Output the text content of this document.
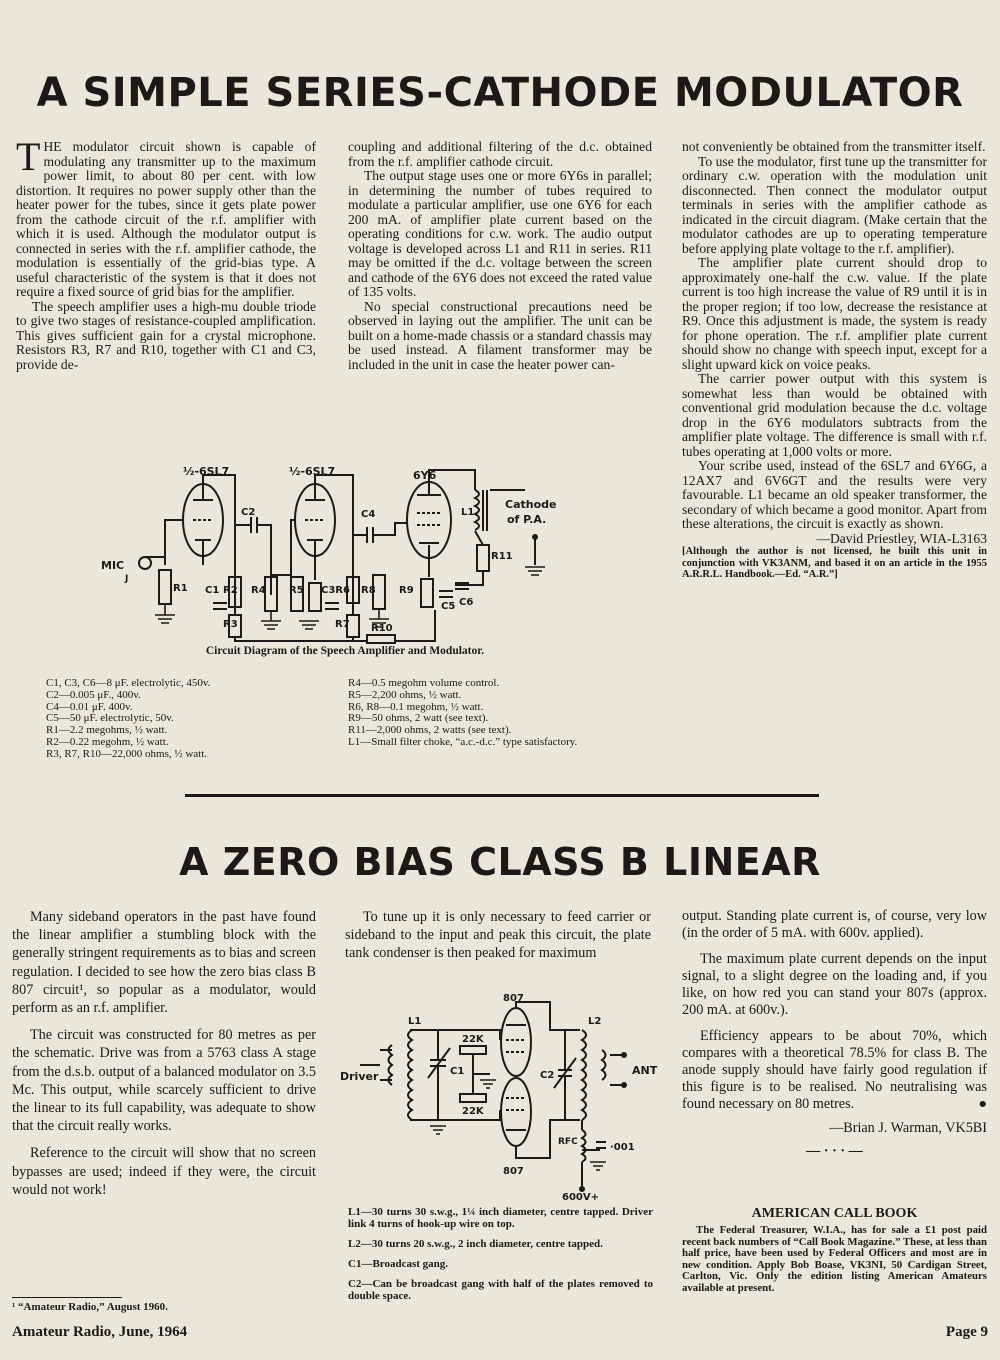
A SIMPLE SERIES-CATHODE MODULATOR

THE modulator circuit shown is capable of modulating any transmitter up to the maximum power limit, to about 80 per cent. with low distortion. It requires no power supply other than the heater power for the tubes, since it gets plate power from the cathode circuit of the r.f. amplifier with which it is used. Although the modulator output is connected in series with the r.f. amplifier cathode, the modulation is essentially of the grid-bias type. A useful characteristic of the system is that it does not require a fixed source of grid bias for the amplifier.

The speech amplifier uses a high-mu double triode to give two stages of resistance-coupled amplification. This gives sufficient gain for a crystal microphone. Resistors R3, R7 and R10, together with C1 and C3, provide de-

coupling and additional filtering of the d.c. obtained from the r.f. amplifier cathode circuit.

The output stage uses one or more 6Y6s in parallel; in determining the number of tubes required to modulate a particular amplifier, use one 6Y6 for each 200 mA. of amplifier plate current based on the operating conditions for c.w. work. The audio output voltage is developed across L1 and R11 in series. R11 may be omitted if the d.c. voltage between the screen and cathode of the 6Y6 does not exceed the rated value of 135 volts.

No special constructional precautions need be observed in laying out the amplifier. The unit can be built on a home-made chassis or a standard chassis may be used instead. A filament transformer may be included in the unit in case the heater power can-

not conveniently be obtained from the transmitter itself.

To use the modulator, first tune up the transmitter for ordinary c.w. operation with the modulation unit disconnected. Then connect the modulator output terminals in series with the amplifier cathode as indicated in the circuit diagram. (Make certain that the modulator cathodes are up to operating temperature before applying plate voltage to the r.f. amplifier).

The amplifier plate current should drop to approximately one-half the c.w. value. If the plate current is too high increase the value of R9 until it is in the proper region; if too low, decrease the resistance at R9. Once this adjustment is made, the system is ready for phone operation. The r.f. amplifier plate current should show no change with speech input, except for a slight upward kick on voice peaks.

The carrier power output with this system is somewhat less than would be obtained with conventional grid modulation because the d.c. voltage drop in the 6Y6 modulators subtracts from the amplifier plate voltage. The difference is small with r.f. tubes operating at 1,000 volts or more.

Your scribe used, instead of the 6SL7 and 6Y6G, a 12AX7 and 6V6GT and the results were very favourable. L1 became an old speaker transformer, the secondary of which became a good monitor. Apart from these alterations, the circuit is exactly as shown.

—David Priestley, WIA-L3163
[Although the author is not licensed, he built this unit in conjunction with VK3ANM, and based it on an article in the 1955 A.R.R.L. Handbook.—Ed. “A.R.”]
½-6SL7	½-6SL7	6Y6
Cathode
of P.A.
MIC
J
R1 C1
C2
R2
R3
R4 R5 C3R6
R7
C4
R8 R9
C5 C6
L1
R11
R10
Circuit Diagram of the Speech Amplifier and Modulator.
C1, C3, C6—8 μF. electrolytic, 450v.
C2—0.005 μF., 400v.
C4—0.01 μF. 400v.
C5—50 μF. electrolytic, 50v.
R1—2.2 megohms, ½ watt.
R2—0.22 megohm, ½ watt.
R3, R7, R10—22,000 ohms, ½ watt.
R4—0.5 megohm volume control.
R5—2,200 ohms, ½ watt.
R6, R8—0.1 megohm, ½ watt.
R9—50 ohms, 2 watt (see text).
R11—2,000 ohms, 2 watts (see text).
L1—Small filter choke, “a.c.-d.c.” type satisfactory.
A ZERO BIAS CLASS B LINEAR

Many sideband operators in the past have found the linear amplifier a stumbling block with the generally stringent requirements as to bias and screen regulation. I decided to see how the zero bias class B 807 circuit¹, so popular as a modulator, would perform as an r.f. amplifier.

The circuit was constructed for 80 metres as per the schematic. Drive was from a 5763 class A stage from the d.s.b. output of a balanced modulator on 3.5 Mc. This output, while scarcely sufficient to drive the linear to its full capability, was adequate to show that the circuit really works.

Reference to the circuit will show that no screen bypasses are used; indeed if they were, the circuit would not work!

¹ “Amateur Radio,” August 1960.

To tune up it is only necessary to feed carrier or sideband to the input and peak this circuit, the plate tank condenser is then peaked for maximum

807
807
L1	L2
C1	C2
22K
22K
Driver	ANT
RFC	·001
600V+
L1—30 turns 30 s.w.g., 1¼ inch diameter, centre tapped. Driver link 4 turns of hook-up wire on top.
L2—30 turns 20 s.w.g., 2 inch diameter, centre tapped.
C1—Broadcast gang.
C2—Can be broadcast gang with half of the plates removed to double space.

output. Standing plate current is, of course, very low (in the order of 5 mA. with 600v. applied).

The maximum plate current depends on the input signal, to a slight degree on the loading and, if you like, on how red you can stand your 807s (approx. 200 mA. at 600v.).

Efficiency appears to be about 70%, which compares with a theoretical 78.5% for class B. The anode supply should have fairly good regulation if this figure is to be realised. No neutralising was found necessary on 80 metres.	●

—Brian J. Warman, VK5BI
— · · · —
AMERICAN CALL BOOK
The Federal Treasurer, W.I.A., has for sale a £1 post paid recent back numbers of “Call Book Magazine.” These, at less than half price, have been used by Federal Officers and most are in new condition. Apply Bob Boase, VK3NI, 50 Cardigan Street, Carlton, Vic. Only the edition listing American Amateurs available at present.
Amateur Radio, June, 1964	Page 9
